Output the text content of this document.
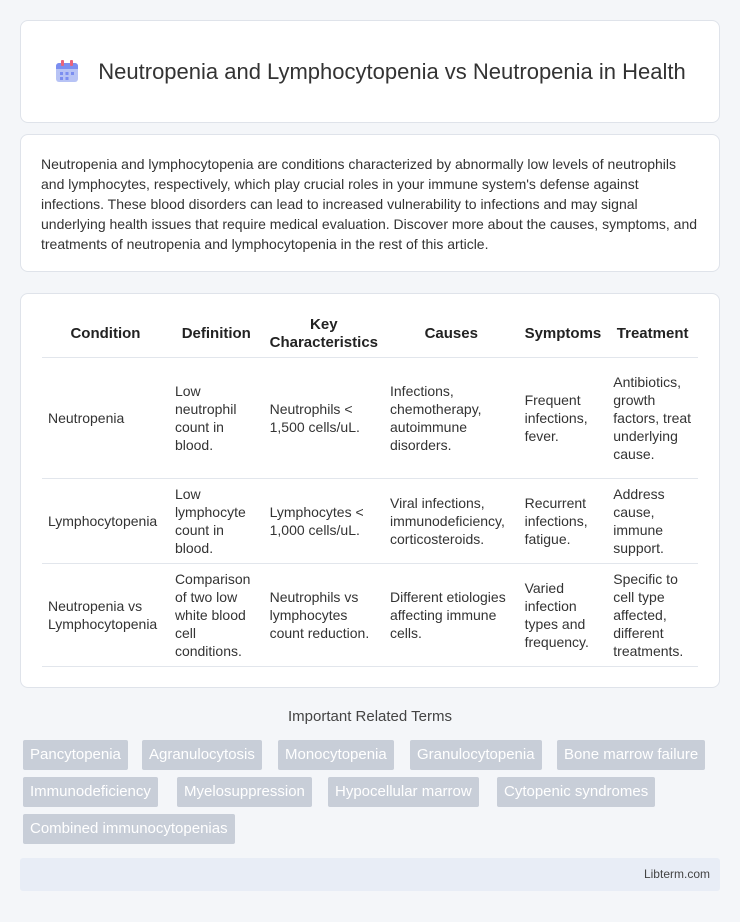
Neutropenia and Lymphocytopenia vs Neutropenia in Health

Neutropenia and lymphocytopenia are conditions characterized by abnormally low levels of neutrophils and lymphocytes, respectively, which play crucial roles in your immune system's defense against infections. These blood disorders can lead to increased vulnerability to infections and may signal underlying health issues that require medical evaluation. Discover more about the causes, symptoms, and treatments of neutropenia and lymphocytopenia in the rest of this article.

Condition	Definition	Key Characteristics	Causes	Symptoms	Treatment
Neutropenia	Low neutrophil count in blood.	Neutrophils < 1,500 cells/uL.	Infections, chemotherapy, autoimmune disorders.	Frequent infections, fever.	Antibiotics, growth factors, treat underlying cause.
Lymphocytopenia	Low lymphocyte count in blood.	Lymphocytes < 1,000 cells/uL.	Viral infections, immunodeficiency, corticosteroids.	Recurrent infections, fatigue.	Address cause, immune support.
Neutropenia vs Lymphocytopenia	Comparison of two low white blood cell conditions.	Neutrophils vs lymphocytes count reduction.	Different etiologies affecting immune cells.	Varied infection types and frequency.	Specific to cell type affected, different treatments.
Important Related Terms
Pancytopenia	Agranulocytosis	Monocytopenia	Granulocytopenia	Bone marrow failure
Immunodeficiency	Myelosuppression	Hypocellular marrow	Cytopenic syndromes
Combined immunocytopenias
Libterm.com
